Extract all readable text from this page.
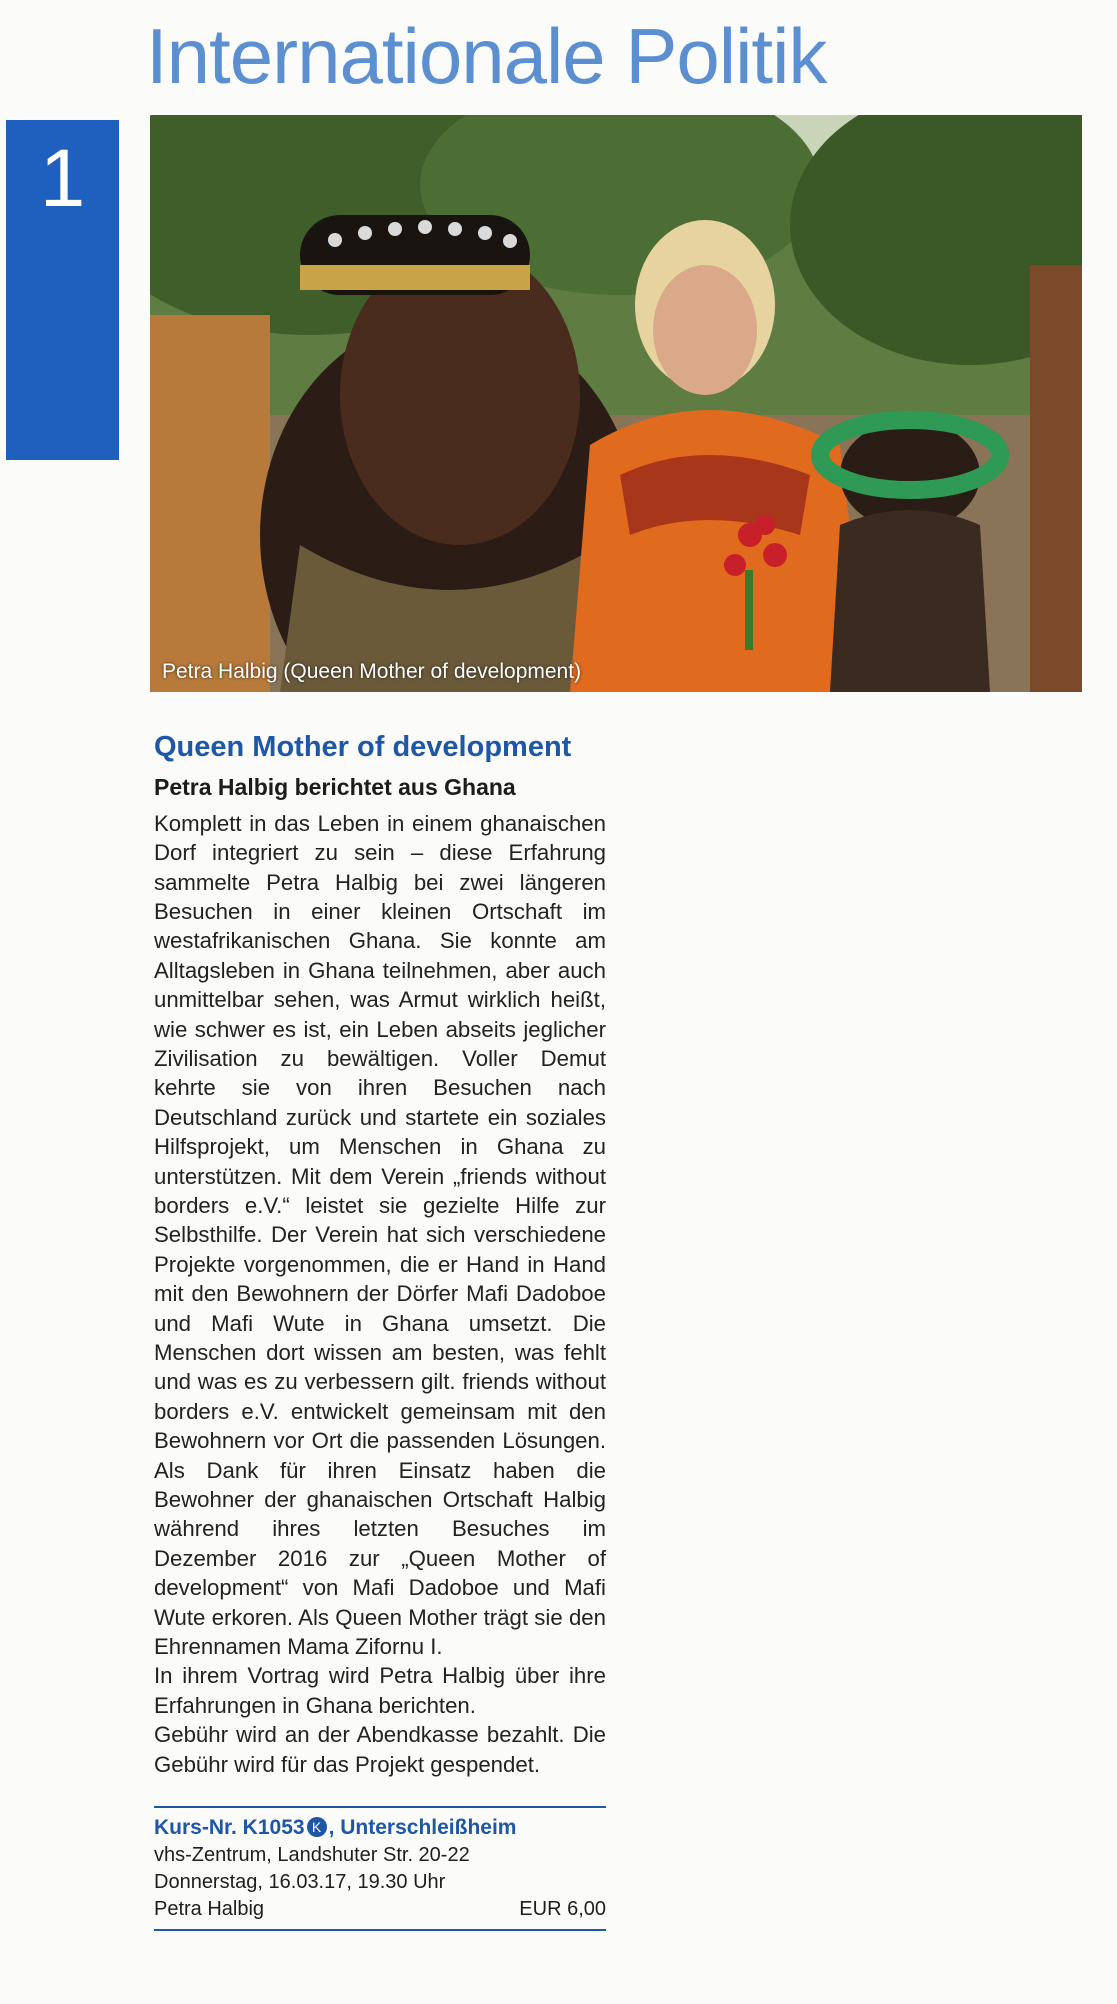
Internationale Politik
1
Petra Halbig (Queen Mother of development)
Queen Mother of development
Petra Halbig berichtet aus Ghana

Komplett in das Leben in einem ghanaischen Dorf integriert zu sein – diese Erfahrung sammelte Petra Halbig bei zwei längeren Besuchen in einer kleinen Ortschaft im westafrikanischen Ghana. Sie konnte am Alltagsleben in Ghana teilnehmen, aber auch unmittelbar sehen, was Armut wirklich heißt, wie schwer es ist, ein Leben abseits jeglicher Zivilisation zu bewältigen. Voller Demut kehrte sie von ihren Besuchen nach Deutschland zurück und startete ein soziales Hilfsprojekt, um Menschen in Ghana zu unterstützen. Mit dem Verein „friends without borders e.V.“ leistet sie gezielte Hilfe zur Selbsthilfe. Der Verein hat sich verschiedene Projekte vorgenommen, die er Hand in Hand mit den Bewohnern der Dörfer Mafi Dadoboe und Mafi Wute in Ghana umsetzt. Die Menschen dort wissen am besten, was fehlt und was es zu verbessern gilt. friends without borders e.V. entwickelt gemeinsam mit den Bewohnern vor Ort die passenden Lösungen. Als Dank für ihren Einsatz haben die Bewohner der ghanaischen Ortschaft Halbig während ihres letzten Besuches im Dezember 2016 zur „Queen Mother of development“ von Mafi Dadoboe und Mafi Wute erkoren. Als Queen Mother trägt sie den Ehrennamen Mama Zifornu I.

In ihrem Vortrag wird Petra Halbig über ihre Erfahrungen in Ghana berichten.

Gebühr wird an der Abendkasse bezahlt. Die Gebühr wird für das Projekt gespendet.

Kurs-Nr. K1053 K , Unterschleißheim
vhs-Zentrum, Landshuter Str. 20-22
Donnerstag, 16.03.17, 19.30 Uhr
Petra Halbig	EUR 6,00
